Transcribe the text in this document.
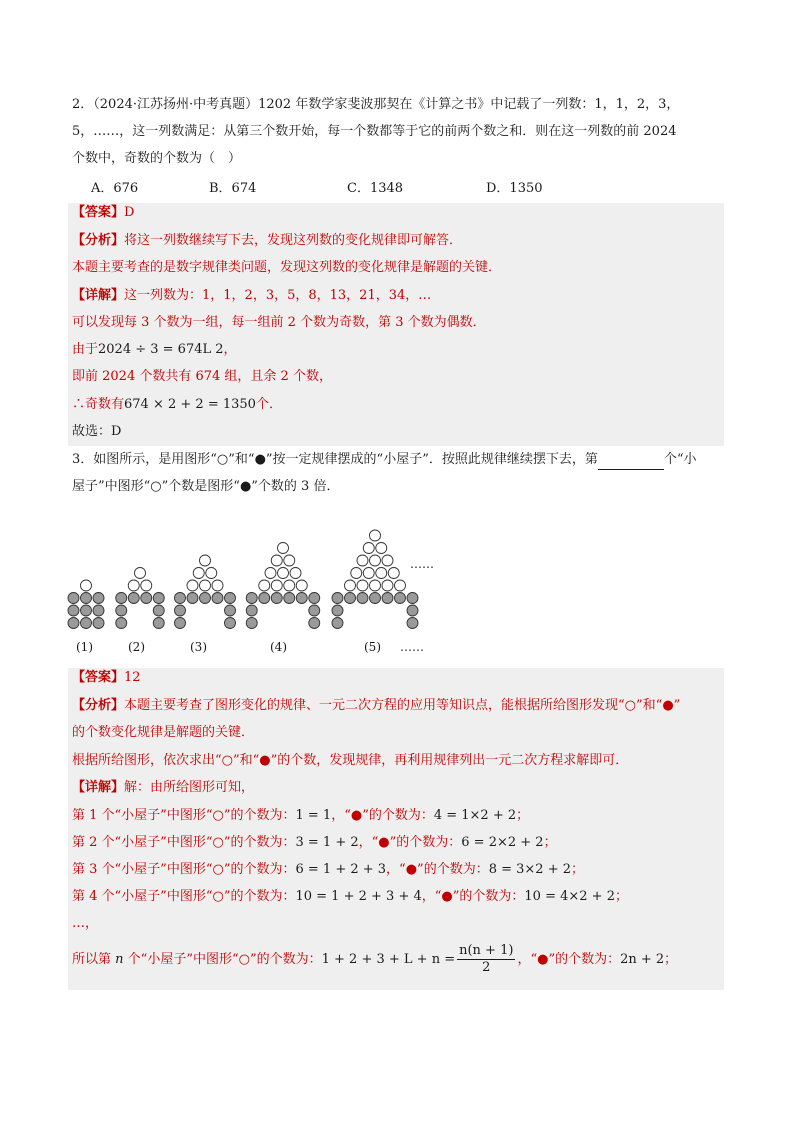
2．（2024·江苏扬州·中考真题）1202 年数学家斐波那契在《计算之书》中记载了一列数：1，1，2，3，
5，……，这一列数满足：从第三个数开始，每一个数都等于它的前两个数之和．则在这一列数的前 2024
个数中，奇数的个数为（　）
A．676	B．674	C．1348	D．1350
【答案】D
【分析】将这一列数继续写下去，发现这列数的变化规律即可解答．
本题主要考查的是数字规律类问题，发现这列数的变化规律是解题的关键．
【详解】这一列数为：1，1，2，3，5，8，13，21，34，…
可以发现每 3 个数为一组，每一组前 2 个数为奇数，第 3 个数为偶数．
由于2024 ÷ 3 = 674L 2，
即前 2024 个数共有 674 组，且余 2 个数，
∴奇数有674 × 2 + 2 = 1350个．
故选：D
3．如图所示，是用图形“○”和“●”按一定规律摆成的“小屋子”．按照此规律继续摆下去，第	个“小
屋子”中图形“○”个数是图形“●”个数的 3 倍．
(1)	(2)	(3)	(4)	(5) ……
……
【答案】12
【分析】本题主要考查了图形变化的规律、一元二次方程的应用等知识点，能根据所给图形发现“○”和“●”
的个数变化规律是解题的关键．
根据所给图形，依次求出“○”和“●”的个数，发现规律，再利用规律列出一元二次方程求解即可．
【详解】解：由所给图形可知，
第 1 个“小屋子”中图形“○”的个数为：1 = 1，“●”的个数为：4 = 1×2 + 2；
第 2 个“小屋子”中图形“○”的个数为：3 = 1 + 2，“●”的个数为：6 = 2×2 + 2；
第 3 个“小屋子”中图形“○”的个数为：6 = 1 + 2 + 3，“●”的个数为：8 = 3×2 + 2；
第 4 个“小屋子”中图形“○”的个数为：10 = 1 + 2 + 3 + 4，“●”的个数为：10 = 4×2 + 2；
…，
所以第 n 个“小屋子”中图形“○”的个数为：$1 + 2 + 3 + L + n = \frac{n(n + 1)}{2}$ ，“●”的个数为：2n + 2；
